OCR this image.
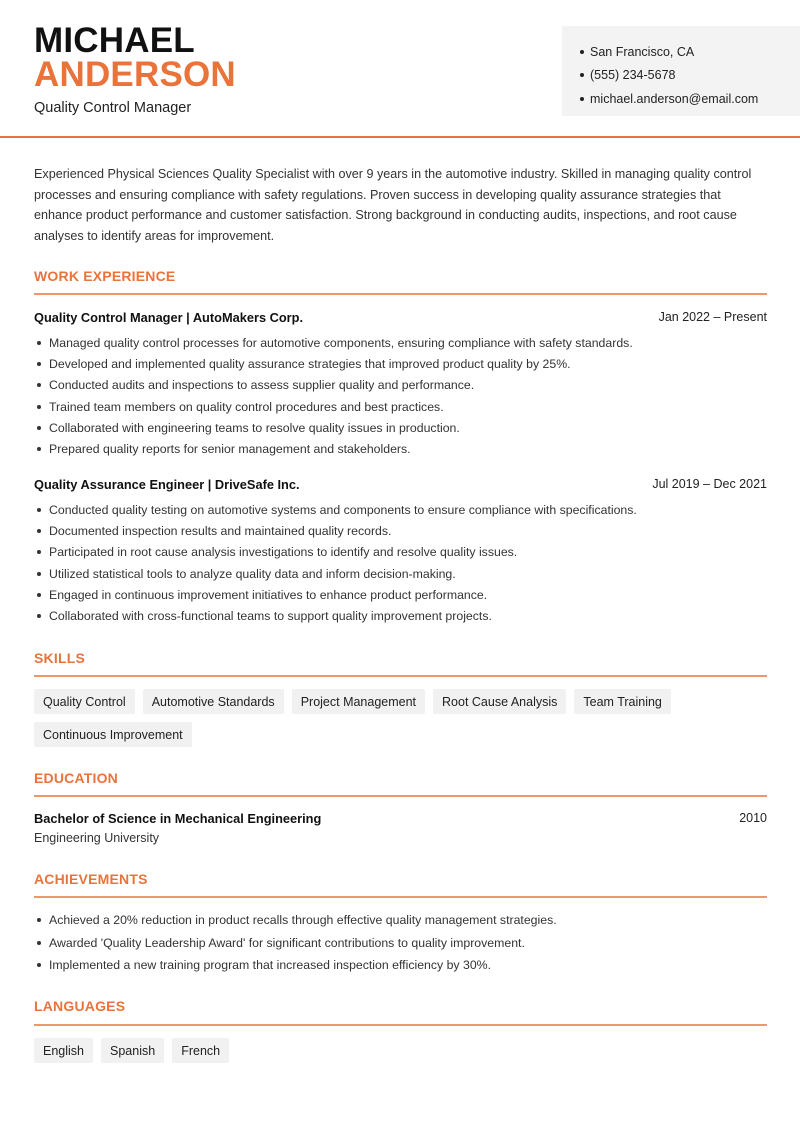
MICHAEL
ANDERSON
Quality Control Manager
San Francisco, CA
(555) 234-5678
michael.anderson@email.com

Experienced Physical Sciences Quality Specialist with over 9 years in the automotive industry. Skilled in managing quality control processes and ensuring compliance with safety regulations. Proven success in developing quality assurance strategies that enhance product performance and customer satisfaction. Strong background in conducting audits, inspections, and root cause analyses to identify areas for improvement.

WORK EXPERIENCE
Quality Control Manager | AutoMakers Corp.	Jan 2022 – Present
Managed quality control processes for automotive components, ensuring compliance with safety standards.
Developed and implemented quality assurance strategies that improved product quality by 25%.
Conducted audits and inspections to assess supplier quality and performance.
Trained team members on quality control procedures and best practices.
Collaborated with engineering teams to resolve quality issues in production.
Prepared quality reports for senior management and stakeholders.
Quality Assurance Engineer | DriveSafe Inc.	Jul 2019 – Dec 2021
Conducted quality testing on automotive systems and components to ensure compliance with specifications.
Documented inspection results and maintained quality records.
Participated in root cause analysis investigations to identify and resolve quality issues.
Utilized statistical tools to analyze quality data and inform decision-making.
Engaged in continuous improvement initiatives to enhance product performance.
Collaborated with cross-functional teams to support quality improvement projects.
SKILLS
Quality Control	Automotive Standards	Project Management	Root Cause Analysis	Team Training
Continuous Improvement
EDUCATION
Bachelor of Science in Mechanical Engineering	2010
Engineering University
ACHIEVEMENTS
Achieved a 20% reduction in product recalls through effective quality management strategies.
Awarded 'Quality Leadership Award' for significant contributions to quality improvement.
Implemented a new training program that increased inspection efficiency by 30%.
LANGUAGES
English	Spanish	French
